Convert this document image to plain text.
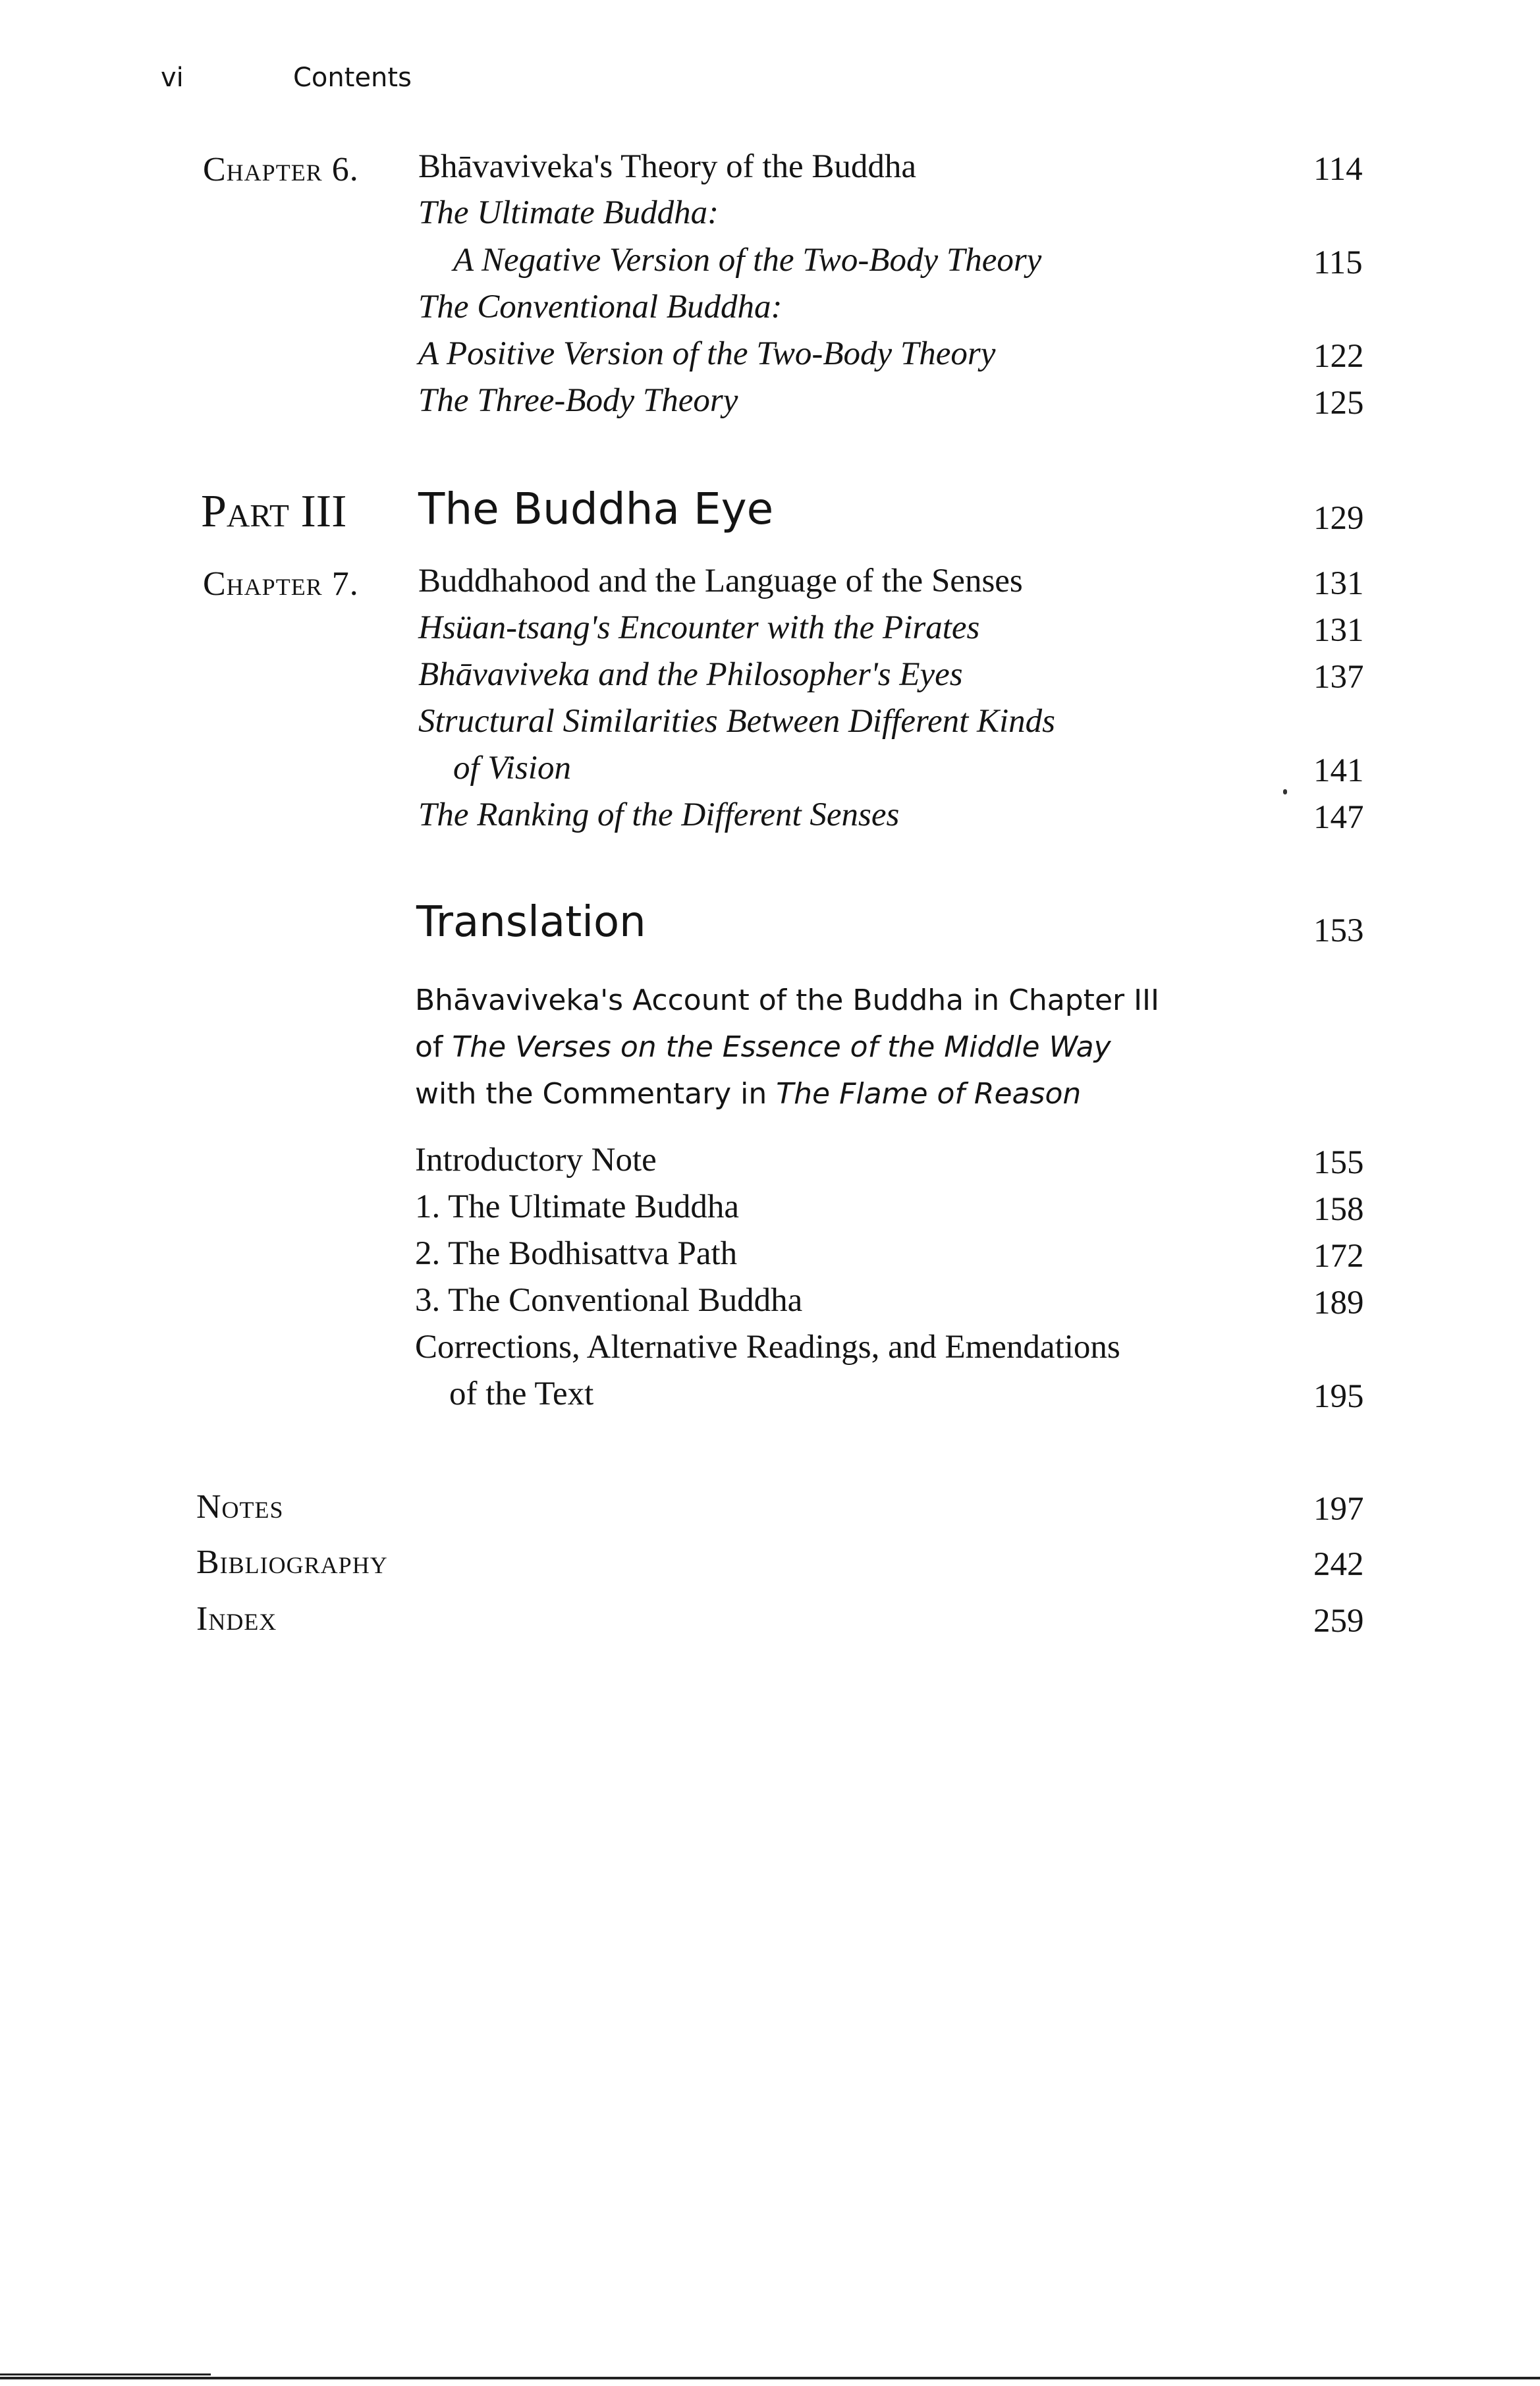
vi	Contents
Chapter 6. Bhāvaviveka's Theory of the Buddha	114
The Ultimate Buddha:
A Negative Version of the Two-Body Theory	115
The Conventional Buddha:
A Positive Version of the Two-Body Theory	122
The Three-Body Theory	125
Part III The Buddha Eye	129
Chapter 7. Buddhahood and the Language of the Senses	131
Hsüan-tsang's Encounter with the Pirates	131
Bhāvaviveka and the Philosopher's Eyes	137
Structural Similarities Between Different Kinds
of Vision	141
The Ranking of the Different Senses	147
Translation	153
Bhāvaviveka's Account of the Buddha in Chapter III
of The Verses on the Essence of the Middle Way
with the Commentary in The Flame of Reason
Introductory Note	155
1. The Ultimate Buddha	158
2. The Bodhisattva Path	172
3. The Conventional Buddha	189
Corrections, Alternative Readings, and Emendations
of the Text	195
Notes	197
Bibliography	242
Index	259
